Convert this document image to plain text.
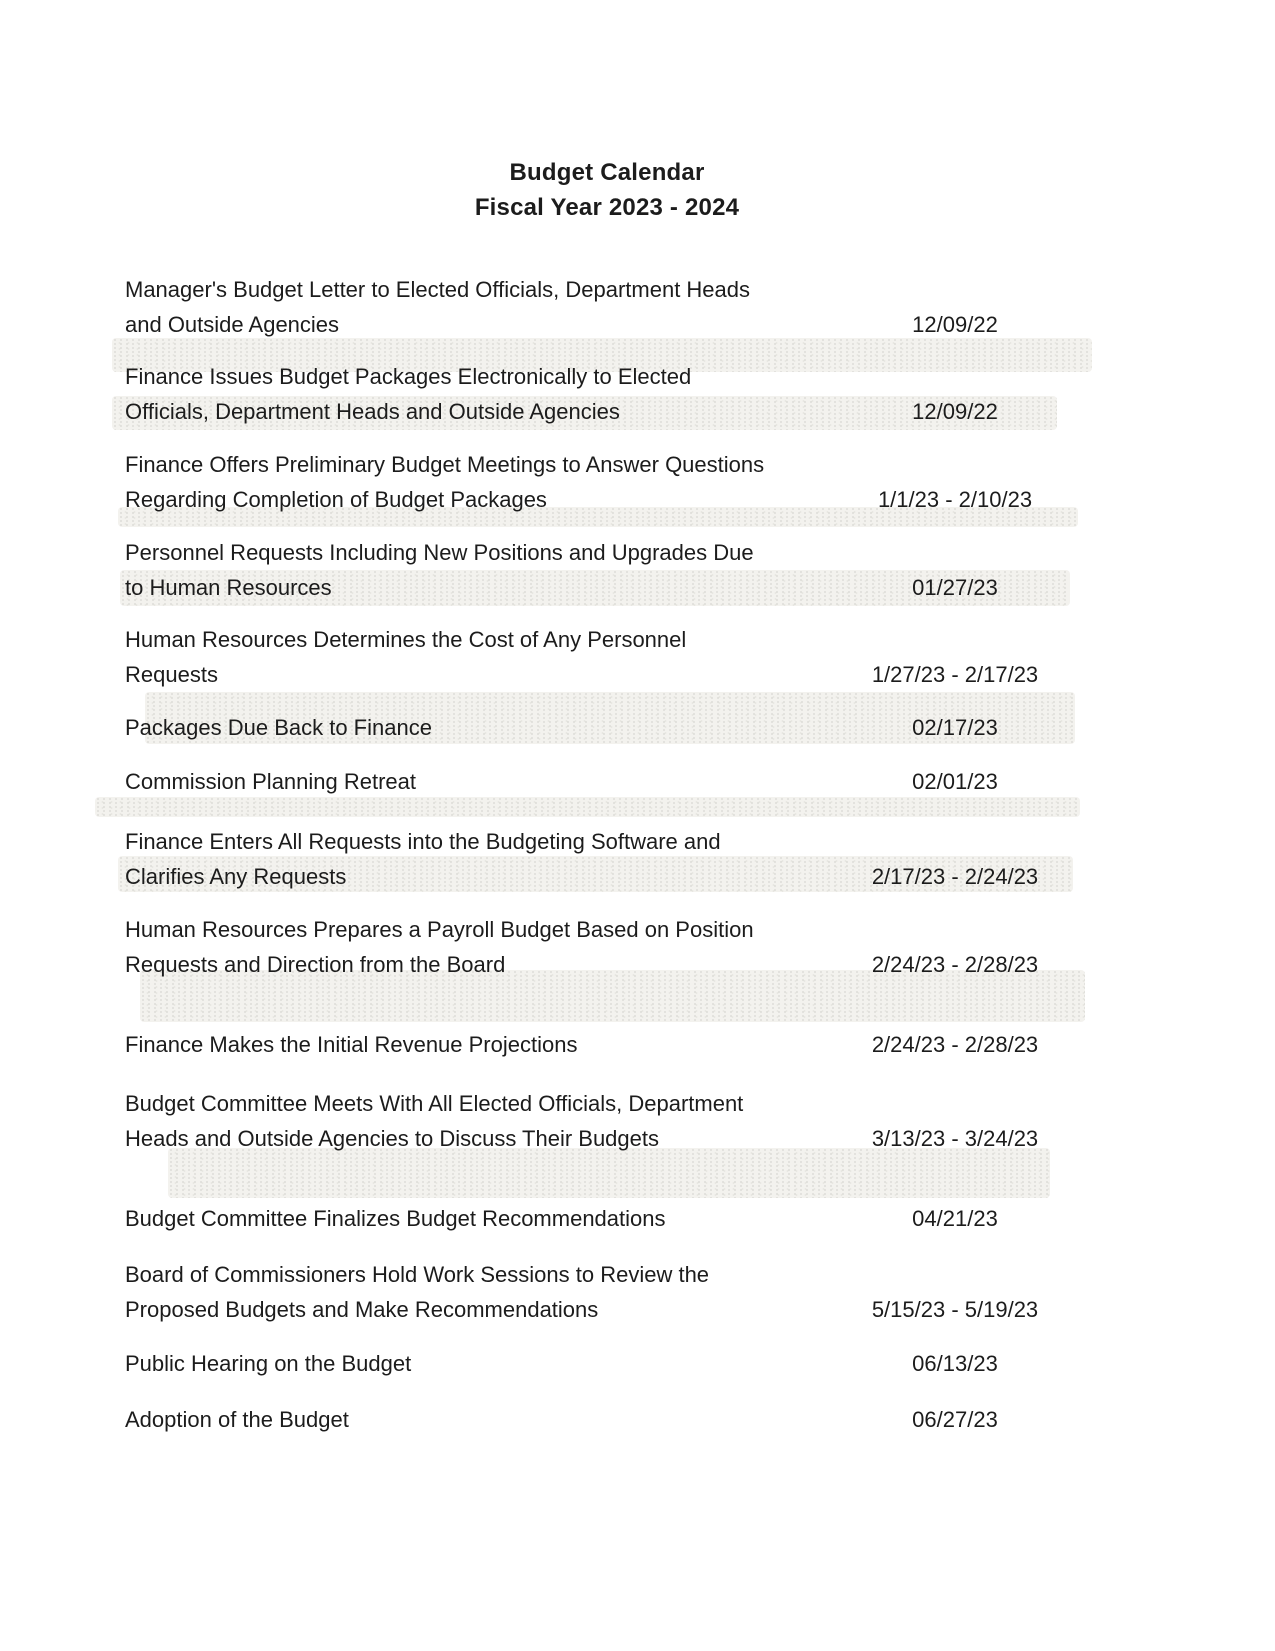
Budget Calendar
Fiscal Year 2023 - 2024
Manager's Budget Letter to Elected Officials, Department Heads
and Outside Agencies	12/09/22
Finance Issues Budget Packages Electronically to Elected
Officials, Department Heads and Outside Agencies	12/09/22
Finance Offers Preliminary Budget Meetings to Answer Questions
Regarding Completion of Budget Packages	1/1/23 - 2/10/23
Personnel Requests Including New Positions and Upgrades Due
to Human Resources	01/27/23
Human Resources Determines the Cost of Any Personnel
Requests	1/27/23 - 2/17/23
Packages Due Back to Finance	02/17/23
Commission Planning Retreat	02/01/23
Finance Enters All Requests into the Budgeting Software and
Clarifies Any Requests	2/17/23 - 2/24/23
Human Resources Prepares a Payroll Budget Based on Position
Requests and Direction from the Board	2/24/23 - 2/28/23
Finance Makes the Initial Revenue Projections	2/24/23 - 2/28/23
Budget Committee Meets With All Elected Officials, Department
Heads and Outside Agencies to Discuss Their Budgets	3/13/23 - 3/24/23
Budget Committee Finalizes Budget Recommendations	04/21/23
Board of Commissioners Hold Work Sessions to Review the
Proposed Budgets and Make Recommendations	5/15/23 - 5/19/23
Public Hearing on the Budget	06/13/23
Adoption of the Budget	06/27/23
